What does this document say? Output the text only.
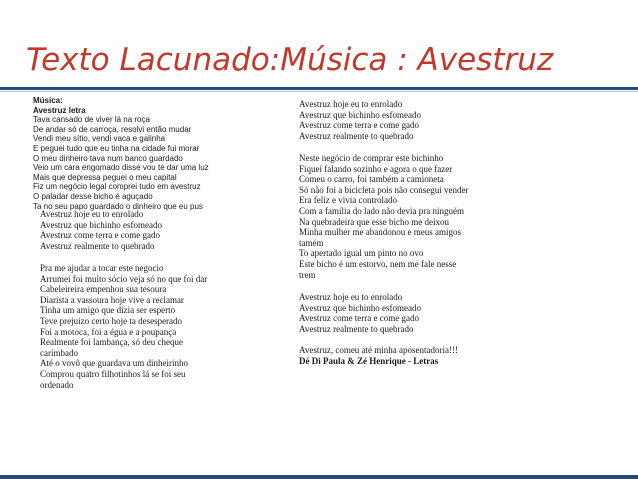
Texto Lacunado:Música : Avestruz
Música:
Avestruz letra
Tava cansado de viver lá na roça
De andar só de carroça, resolvi então mudar
Vendi meu sítio, vendi vaca e galinha
E peguei tudo que eu tinha na cidade fui morar
O meu dinheiro tava num banco guardado
Veio um cara engomado disse vou te dar uma luz
Mais que depressa peguei o meu capital
Fiz um negócio legal comprei tudo em avestruz
O paladar desse bicho é aguçado
Ta no seu papo guardado o dinheiro que eu pus
Avestruz hoje eu to enrolado
Avestruz que bichinho esfomeado
Avestruz come terra e come gado
Avestruz realmente to quebrado
Pra me ajudar a tocar este negocio
Arrumei foi muito sócio veja só no que foi dar
Cabeleireira empenhou sua tesoura
Diarista a vassoura hoje vive a reclamar
Tinha um amigo que dizia ser esperto
Teve prejuízo certo hoje ta desesperado
Foi a motoca, foi a égua e a poupança
Realmente foi lambança, só deu cheque
carimbado
Até o vovô que guardava um dinheirinho
Comprou quatro filhotinhos lá se foi seu
ordenado
Avestruz hoje eu to enrolado
Avestruz que bichinho esfomeado
Avestruz come terra e come gado
Avestruz realmente to quebrado
Neste negócio de comprar este bichinho
Fiquei falando sozinho e agora o que fazer
Comeu o carro, foi também a camioneta
Só não foi a bicicleta pois não consegui vender
Era feliz e vivia controlado
Com a família do lado não devia pra ninguém
Na quebradeira que esse bicho me deixou
Minha mulher me abandonou e meus amigos
tamém
To apertado igual um pinto no ovo
Este bicho é um estorvo, nem me fale nesse
trem
Avestruz hoje eu to enrolado
Avestruz que bichinho esfomeado
Avestruz come terra e come gado
Avestruz realmente to quebrado
Avestruz, comeu até minha aposentadoria!!!
Dé Di Paula & Zé Henrique - Letras
